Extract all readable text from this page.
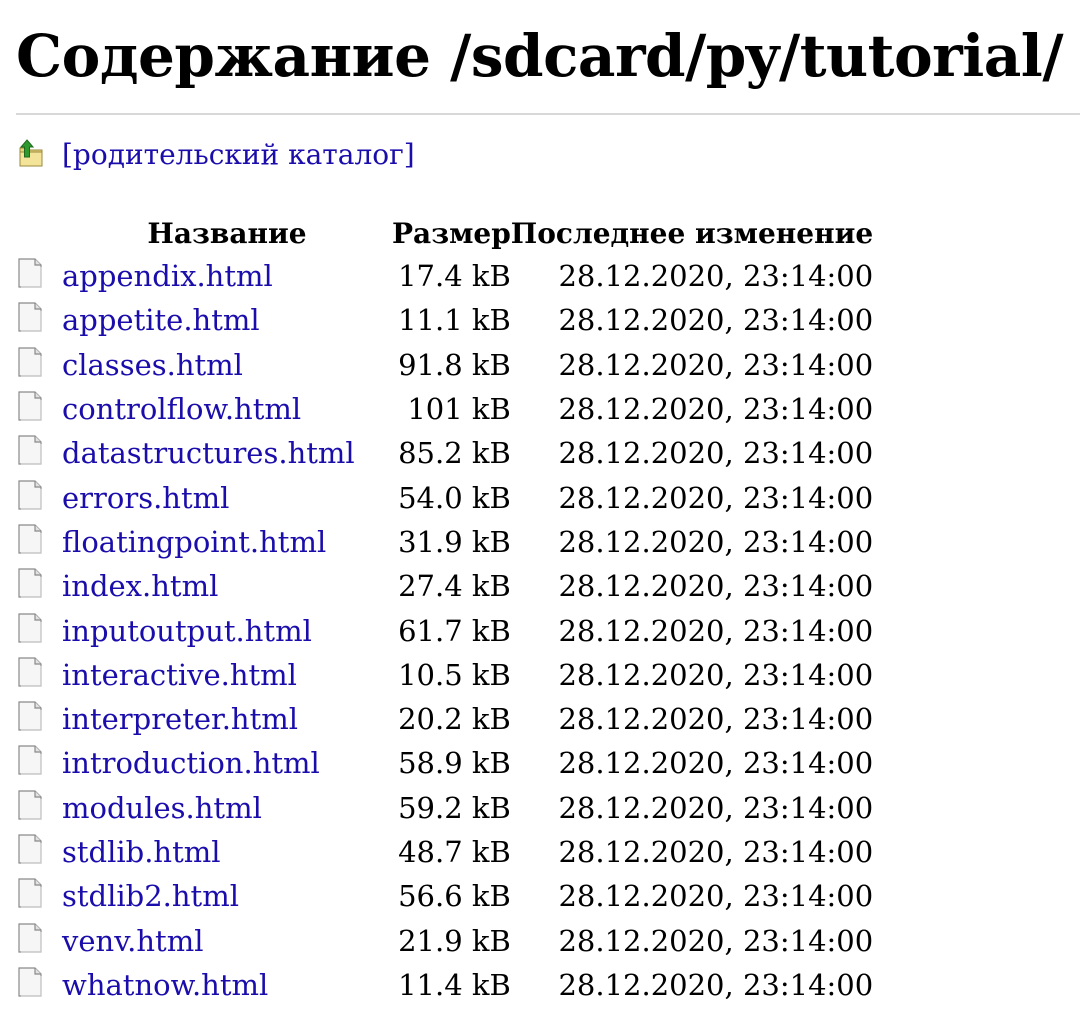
Содержание /sdcard/py/tutorial/
[родительский каталог]
	Название	Размер	Последнее изменение

	appendix.html	17.4 kB	28.12.2020, 23:14:00

	appetite.html	11.1 kB	28.12.2020, 23:14:00

	classes.html	91.8 kB	28.12.2020, 23:14:00

	controlflow.html	101 kB	28.12.2020, 23:14:00

	datastructures.html	85.2 kB	28.12.2020, 23:14:00

	errors.html	54.0 kB	28.12.2020, 23:14:00

	floatingpoint.html	31.9 kB	28.12.2020, 23:14:00

	index.html	27.4 kB	28.12.2020, 23:14:00

	inputoutput.html	61.7 kB	28.12.2020, 23:14:00

	interactive.html	10.5 kB	28.12.2020, 23:14:00

	interpreter.html	20.2 kB	28.12.2020, 23:14:00

	introduction.html	58.9 kB	28.12.2020, 23:14:00

	modules.html	59.2 kB	28.12.2020, 23:14:00

	stdlib.html	48.7 kB	28.12.2020, 23:14:00

	stdlib2.html	56.6 kB	28.12.2020, 23:14:00

	venv.html	21.9 kB	28.12.2020, 23:14:00

	whatnow.html	11.4 kB	28.12.2020, 23:14:00
